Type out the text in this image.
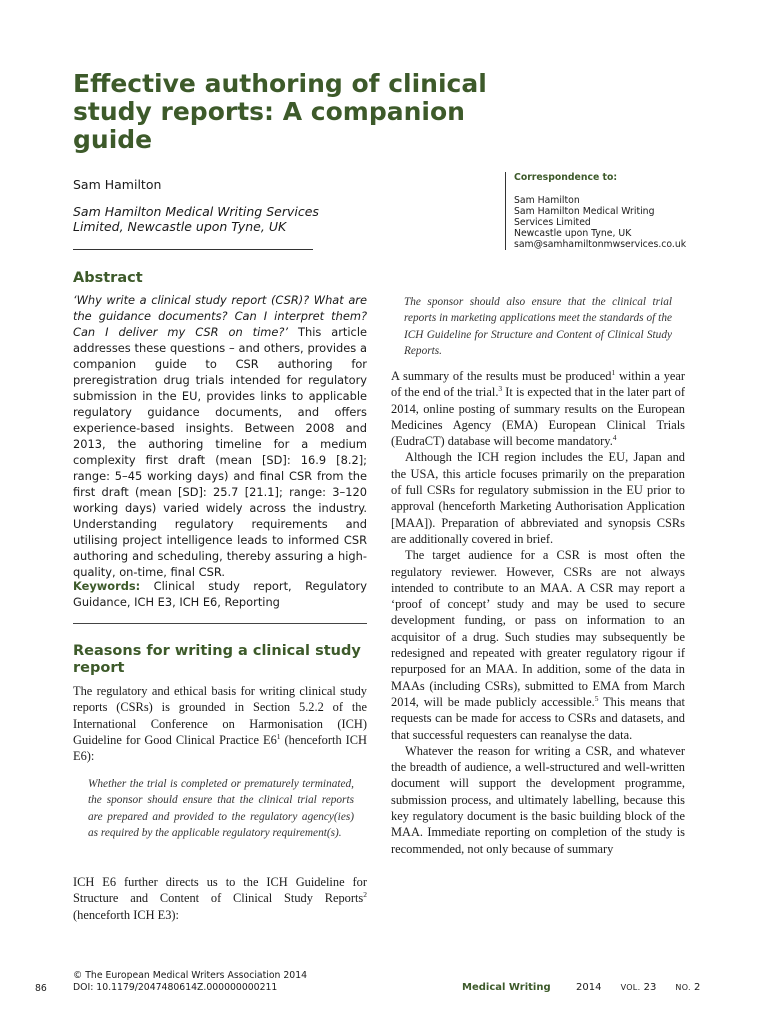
Effective authoring of clinical study reports: A companion guide
Sam Hamilton
Sam Hamilton Medical Writing Services Limited, Newcastle upon Tyne, UK
Correspondence to:
Sam Hamilton
Sam Hamilton Medical Writing
Services Limited
Newcastle upon Tyne, UK
sam@samhamiltonmwservices.co.uk
Abstract

‘Why write a clinical study report (CSR)? What are the guidance documents? Can I interpret them? Can I deliver my CSR on time?’ This article addresses these questions – and others, provides a companion guide to CSR authoring for preregistration drug trials intended for regulatory submission in the EU, provides links to applicable regulatory guidance documents, and offers experience-based insights. Between 2008 and 2013, the authoring timeline for a medium complexity first draft (mean [SD]: 16.9 [8.2]; range: 5–45 working days) and final CSR from the first draft (mean [SD]: 25.7 [21.1]; range: 3–120 working days) varied widely across the industry. Understanding regulatory requirements and utilising project intelligence leads to informed CSR authoring and scheduling, thereby assuring a high-quality, on-time, final CSR.

Keywords: Clinical study report, Regulatory Guidance, ICH E3, ICH E6, Reporting

Reasons for writing a clinical study report

The regulatory and ethical basis for writing clinical study reports (CSRs) is grounded in Section 5.2.2 of the International Conference on Harmonisation (ICH) Guideline for Good Clinical Practice $E6^1$ (henceforth ICH E6):

Whether the trial is completed or prematurely terminated, the sponsor should ensure that the clinical trial reports are prepared and provided to the regulatory agency(ies) as required by the applicable regulatory requirement(s).

ICH E6 further directs us to the ICH Guideline for Structure and Content of Clinical Study Reports$^2$ (henceforth ICH E3):

The sponsor should also ensure that the clinical trial reports in marketing applications meet the standards of the ICH Guideline for Structure and Content of Clinical Study Reports.

A summary of the results must be produced$^1$ within a year of the end of the trial.$^3$ It is expected that in the later part of 2014, online posting of summary results on the European Medicines Agency (EMA) European Clinical Trials (EudraCT) database will become mandatory.$^4$

Although the ICH region includes the EU, Japan and the USA, this article focuses primarily on the preparation of full CSRs for regulatory submission in the EU prior to approval (henceforth Marketing Authorisation Application [MAA]). Preparation of abbreviated and synopsis CSRs are additionally covered in brief.

The target audience for a CSR is most often the regulatory reviewer. However, CSRs are not always intended to contribute to an MAA. A CSR may report a ‘proof of concept’ study and may be used to secure development funding, or pass on information to an acquisitor of a drug. Such studies may subsequently be redesigned and repeated with greater regulatory rigour if repurposed for an MAA. In addition, some of the data in MAAs (including CSRs), submitted to EMA from March 2014, will be made publicly accessible.$^5$ This means that requests can be made for access to CSRs and datasets, and that successful requesters can reanalyse the data.

Whatever the reason for writing a CSR, and whatever the breadth of audience, a well-structured and well-written document will support the development programme, submission process, and ultimately labelling, because this key regulatory document is the basic building block of the MAA. Immediate reporting on completion of the study is recommended, not only because of summary

86
© The European Medical Writers Association 2014
DOI: 10.1179/2047480614Z.000000000211	Medical Writing	2014 VOL. 23 NO. 2
